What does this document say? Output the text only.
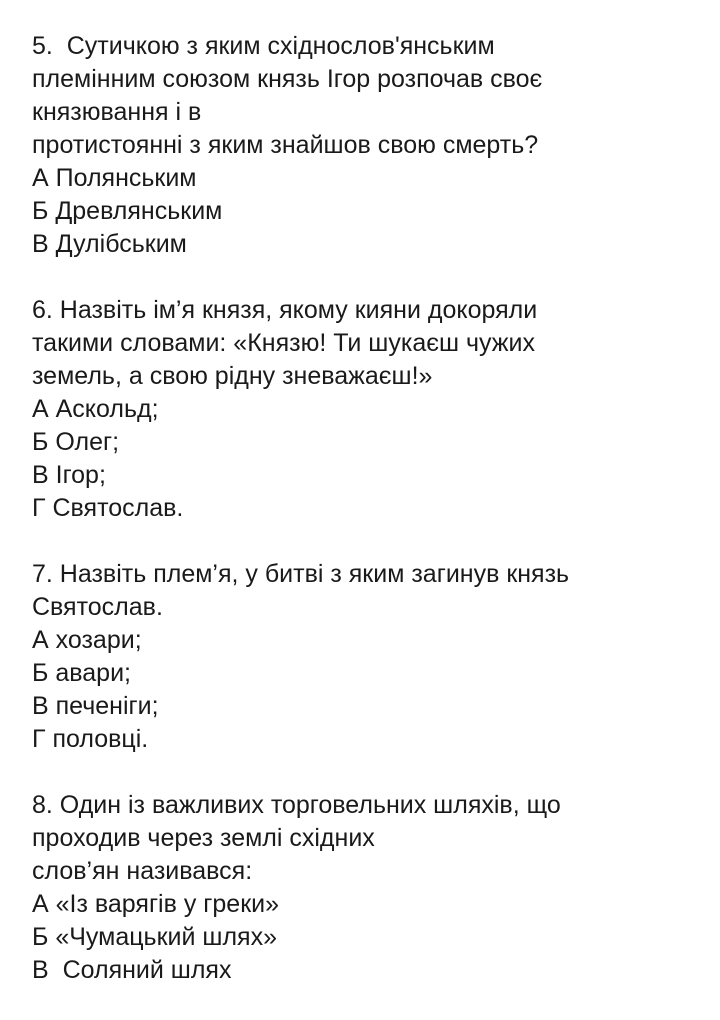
5.  Сутичкою з яким східнослов'янським
племінним союзом князь Ігор розпочав своє
князювання і в
протистоянні з яким знайшов свою смерть?
А Полянським
Б Древлянським
В Дулібським
6. Назвіть ім’я князя, якому кияни докоряли
такими словами: «Князю! Ти шукаєш чужих
земель, а свою рідну зневажаєш!»
А Аскольд;
Б Олег;
В Ігор;
Г Святослав.
7. Назвіть плем’я, у битві з яким загинув князь
Святослав.
А хозари;
Б авари;
В печеніги;
Г половці.
8. Один із важливих торговельних шляхів, що
проходив через землі східних
слов’ян називався:
А «Із варягів у греки»
Б «Чумацький шлях»
В  Соляний шлях
